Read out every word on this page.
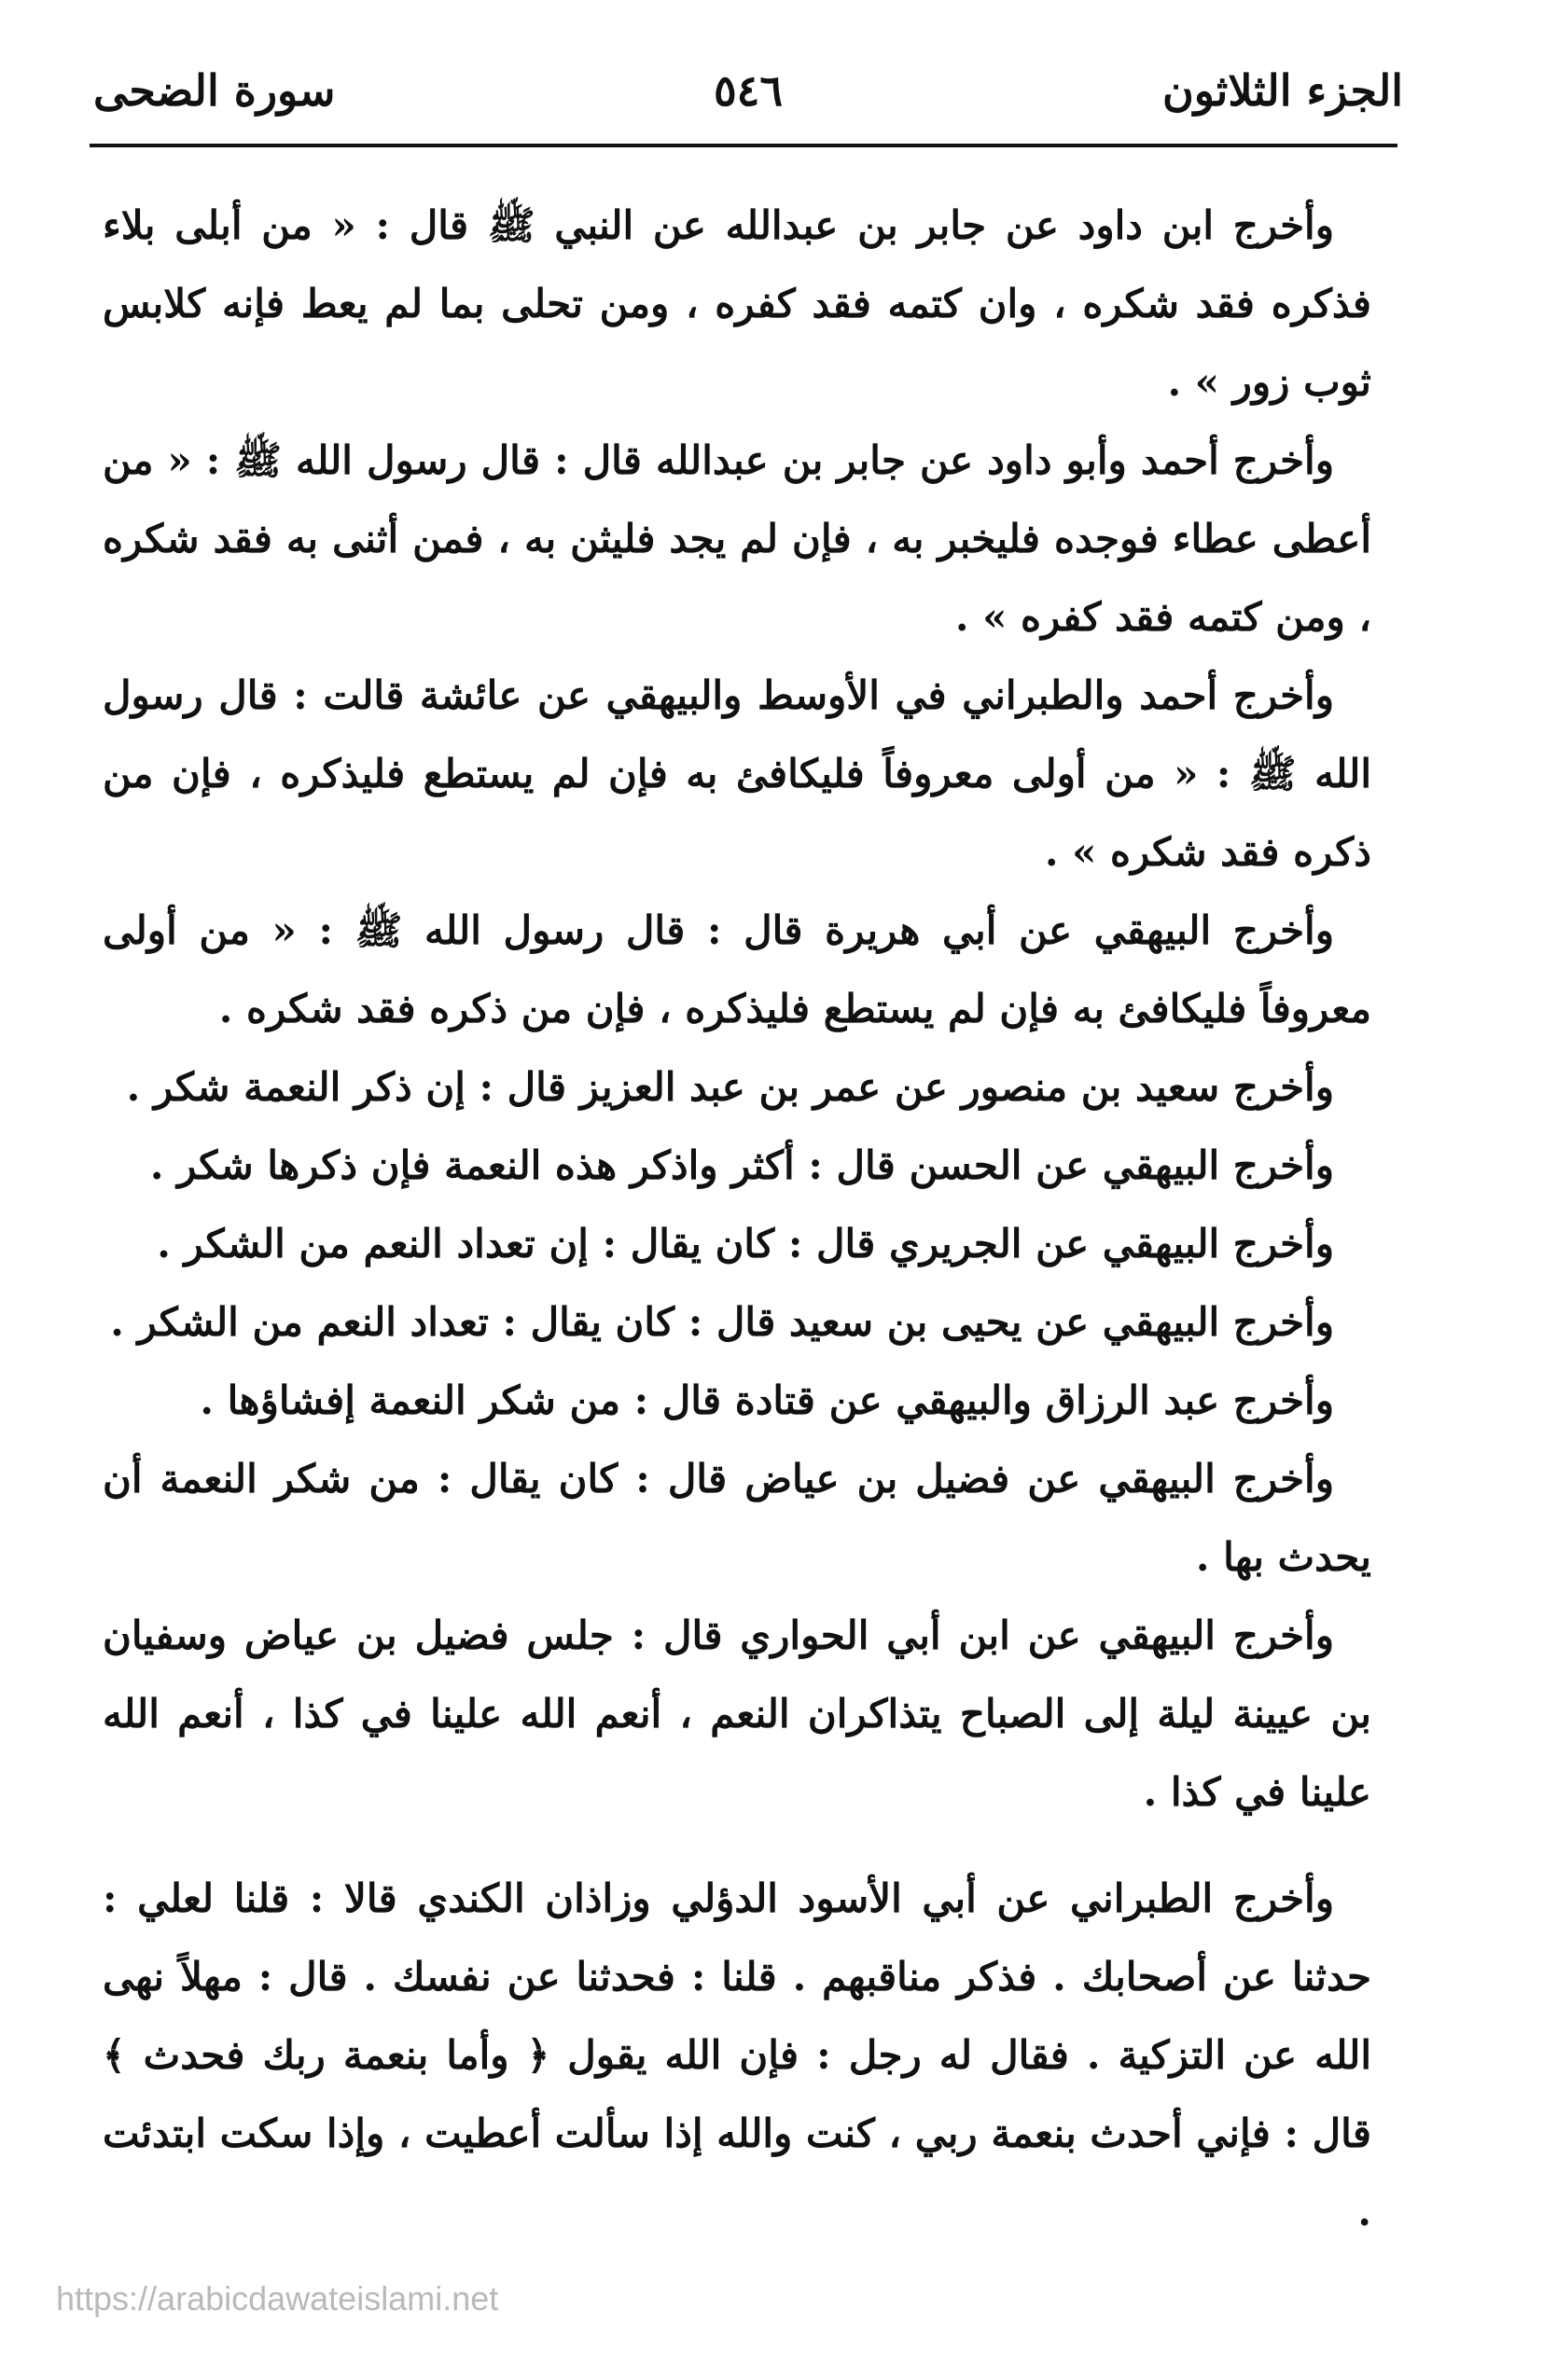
الجزء الثلاثون
٥٤٦
سورة الضحى

وأخرج ابن داود عن جابر بن عبدالله عن النبي ﷺ قال : « من أبلى بلاء فذكره فقد شكره ، وان كتمه فقد كفره ، ومن تحلى بما لم يعط فإنه كلابس ثوب زور » .

وأخرج أحمد وأبو داود عن جابر بن عبدالله قال : قال رسول الله ﷺ : « من أعطى عطاء فوجده فليخبر به ، فإن لم يجد فليثن به ، فمن أثنى به فقد شكره ، ومن كتمه فقد كفره » .

وأخرج أحمد والطبراني في الأوسط والبيهقي عن عائشة قالت : قال رسول الله ﷺ : « من أولى معروفاً فليكافئ به فإن لم يستطع فليذكره ، فإن من ذكره فقد شكره » .

وأخرج البيهقي عن أبي هريرة قال : قال رسول الله ﷺ : « من أولى معروفاً فليكافئ به فإن لم يستطع فليذكره ، فإن من ذكره فقد شكره .

وأخرج سعيد بن منصور عن عمر بن عبد العزيز قال : إن ذكر النعمة شكر .

وأخرج البيهقي عن الحسن قال : أكثر واذكر هذه النعمة فإن ذكرها شكر .

وأخرج البيهقي عن الجريري قال : كان يقال : إن تعداد النعم من الشكر .

وأخرج البيهقي عن يحيى بن سعيد قال : كان يقال : تعداد النعم من الشكر .

وأخرج عبد الرزاق والبيهقي عن قتادة قال : من شكر النعمة إفشاؤها .

وأخرج البيهقي عن فضيل بن عياض قال : كان يقال : من شكر النعمة أن يحدث بها .

وأخرج البيهقي عن ابن أبي الحواري قال : جلس فضيل بن عياض وسفيان بن عيينة ليلة إلى الصباح يتذاكران النعم ، أنعم الله علينا في كذا ، أنعم الله علينا في كذا .

وأخرج الطبراني عن أبي الأسود الدؤلي وزاذان الكندي قالا : قلنا لعلي : حدثنا عن أصحابك . فذكر مناقبهم . قلنا : فحدثنا عن نفسك . قال : مهلاً نهى الله عن التزكية . فقال له رجل : فإن الله يقول ﴿ وأما بنعمة ربك فحدث ﴾ قال : فإني أحدث بنعمة ربي ، كنت والله إذا سألت أعطيت ، وإذا سكت ابتدئت .

https://arabicdawateislami.net
